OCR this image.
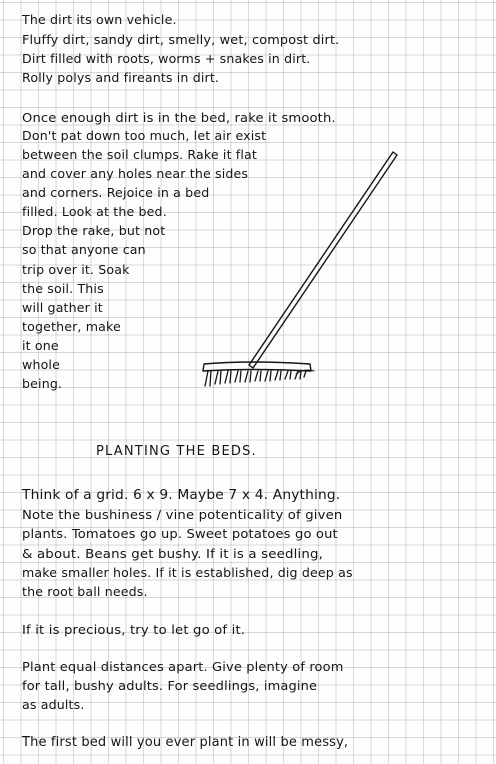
The dirt its own vehicle.
Fluffy dirt, sandy dirt, smelly, wet, compost dirt.
Dirt filled with roots, worms + snakes in dirt.
Rolly polys and fireants in dirt.
Once enough dirt is in the bed, rake it smooth.
Don't pat down too much, let air exist
between the soil clumps. Rake it flat
and cover any holes near the sides
and corners. Rejoice in a bed
filled. Look at the bed.
Drop the rake, but not
so that anyone can
trip over it. Soak
the soil. This
will gather it
together, make
it one
whole
being.
PLANTING THE BEDS.
Think of a grid. 6 x 9. Maybe 7 x 4. Anything.
Note the bushiness / vine potenticality of given
plants. Tomatoes go up. Sweet potatoes go out
& about. Beans get bushy. If it is a seedling,
make smaller holes. If it is established, dig deep as
the root ball needs.
If it is precious, try to let go of it.
Plant equal distances apart. Give plenty of room
for tall, bushy adults. For seedlings, imagine
as adults.
The first bed will you ever plant in will be messy,
